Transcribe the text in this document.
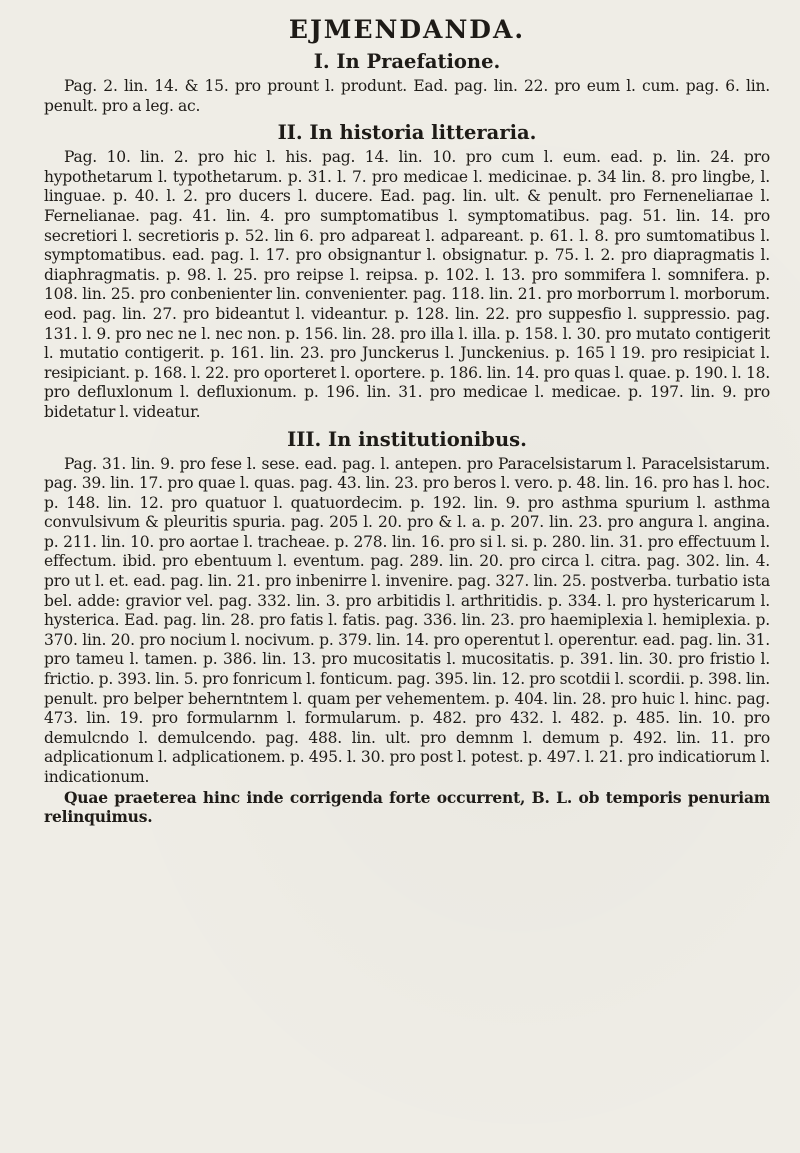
EJMENDANDA.
I. In Praefatione.

Pag. 2. lin. 14. & 15. pro prount l. produnt. Ead. pag. lin. 22. pro eum l. cum. pag. 6. lin. penult. pro a leg. ac.

II. In historia litteraria.

Pag. 10. lin. 2. pro hic l. his. pag. 14. lin. 10. pro cum l. eum. ead. p. lin. 24. pro hypothetarum l. typothetarum. p. 31. l. 7. pro medicae l. medicinae. p. 34 lin. 8. pro lingbe, l. linguae. p. 40. l. 2. pro ducers l. ducere. Ead. pag. lin. ult. & penult. pro Ferneneliaпae l. Fernelianae. pag. 41. lin. 4. pro sumptomatibus l. symptomatibus. pag. 51. lin. 14. pro secretiori l. secretioris p. 52. lin 6. pro adpareat l. adpareant. p. 61. l. 8. pro sumtomatibus l. symptomatibus. ead. pag. l. 17. pro obsignantur l. obsignatur. p. 75. l. 2. pro diapragmatis l. diaphragmatis. p. 98. l. 25. pro reipse l. reipsa. p. 102. l. 13. pro sommifera l. somnifera. p. 108. lin. 25. pro conbenienter lin. convenienter. pag. 118. lin. 21. pro morborrum l. morborum. eod. pag. lin. 27. pro bideantut l. videantur. p. 128. lin. 22. pro suppesfio l. suppressio. pag. 131. l. 9. pro nec ne l. nec non. p. 156. lin. 28. pro illa l. illa. p. 158. l. 30. pro mutato contigerit l. mutatio contigerit. p. 161. lin. 23. pro Junckerus l. Junckenius. p. 165 l 19. pro resipiciat l. resipiciant. p. 168. l. 22. pro oporteret l. oportere. p. 186. lin. 14. pro quas l. quae. p. 190. l. 18. pro defluxlonum l. defluxionum. p. 196. lin. 31. pro medicae l. medicae. p. 197. lin. 9. pro bidetatur l. videatur.

III. In institutionibus.

Pag. 31. lin. 9. pro fese l. sese. ead. pag. l. antepen. pro Paracelsistarum l. Paracelsistarum. pag. 39. lin. 17. pro quae l. quas. pag. 43. lin. 23. pro beros l. vero. p. 48. lin. 16. pro has l. hoc. p. 148. lin. 12. pro quatuor l. quatuordecim. p. 192. lin. 9. pro asthma spurium l. asthma convulsivum & pleuritis spuria. pag. 205 l. 20. pro & l. a. p. 207. lin. 23. pro angura l. angina. p. 211. lin. 10. pro aortae l. tracheae. p. 278. lin. 16. pro si l. si. p. 280. lin. 31. pro effectuum l. effectum. ibid. pro ebentuum l. eventum. pag. 289. lin. 20. pro circa l. citra. pag. 302. lin. 4. pro ut l. et. ead. pag. lin. 21. pro inbenirre l. invenire. pag. 327. lin. 25. postverba. turbatio ista bel. adde: gravior vel. pag. 332. lin. 3. pro arbitidis l. arthritidis. p. 334. l. pro hystericarum l. hysterica. Ead. pag. lin. 28. pro fatis l. fatis. pag. 336. lin. 23. pro haemiplexia l. hemiplexia. p. 370. lin. 20. pro nocium l. nocivum. p. 379. lin. 14. pro operentut l. operentur. ead. pag. lin. 31. pro tameu l. tamen. p. 386. lin. 13. pro mucositatis l. mucositatis. p. 391. lin. 30. pro fristio l. frictio. p. 393. lin. 5. pro fonricum l. fonticum. pag. 395. lin. 12. pro scotdii l. scordii. p. 398. lin. penult. pro belper beherntntem l. quam per vehementem. p. 404. lin. 28. pro huic l. hinc. pag. 473. lin. 19. pro formularnm l. formularum. p. 482. pro 432. l. 482. p. 485. lin. 10. pro demulcndo l. demulcendo. pag. 488. lin. ult. pro demnm l. demum p. 492. lin. 11. pro adplicationum l. adplicationem. p. 495. l. 30. pro post l. potest. p. 497. l. 21. pro indicatiorum l. indicationum.

Quae praeterea hinc inde corrigenda forte occurrent, B. L. ob temporis penuriam relinquimus.
